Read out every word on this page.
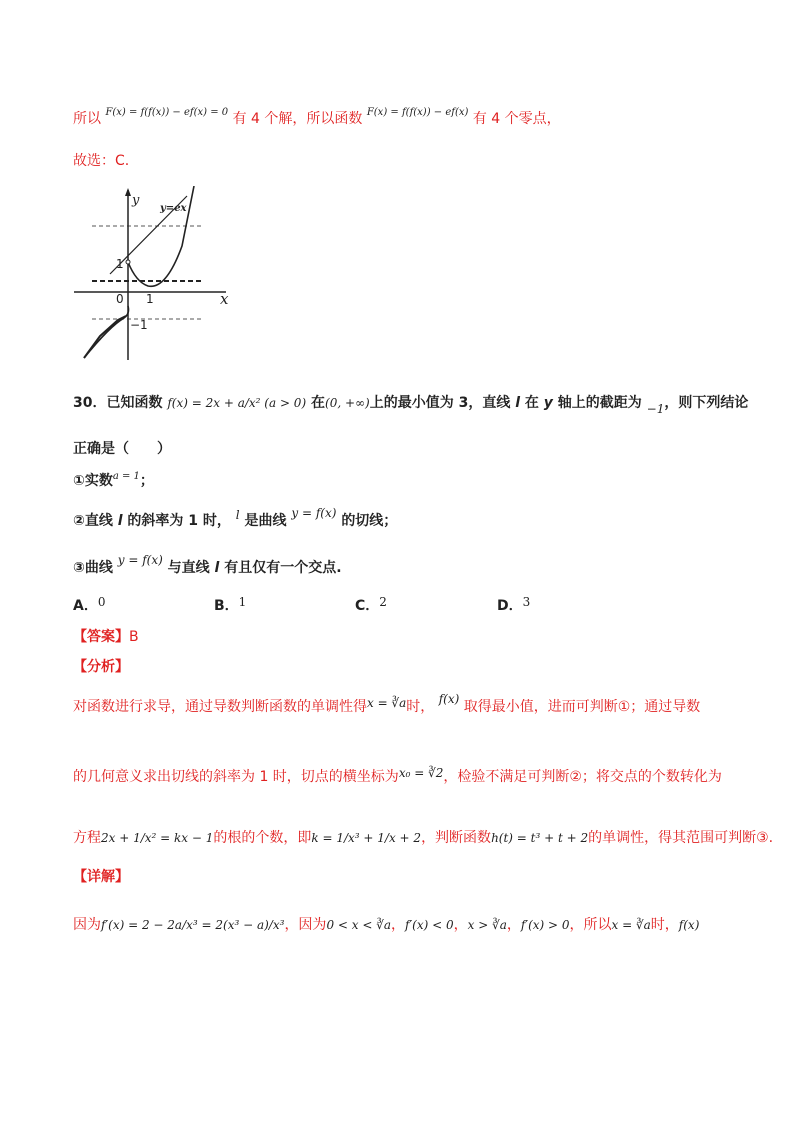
所以 $^{F(x) = f(f(x)) - ef(x) = 0}$ 有 4 个解，所以函数 $^{F(x) = f(f(x)) - ef(x)}$ 有 4 个零点，
故选：C.
y
x
y=ex
1
0 1
−1
30．已知函数 f(x) = 2x + a/x² (a > 0) 在(0, +∞)上的最小值为 3，直线 l 在 y 轴上的截距为 −1，则下列结论
正确是（　　）
①实数$^{a = 1}$；
②直线 l 的斜率为 1 时， l 是曲线 y = f(x) 的切线；
③曲线 y = f(x) 与直线 l 有且仅有一个交点.
A．0	B．1	C．2	D．3
【答案】B
【分析】
对函数进行求导，通过导数判断函数的单调性得x = ∛a时， f(x) 取得最小值，进而可判断①；通过导数
的几何意义求出切线的斜率为 1 时，切点的横坐标为x₀ = ∛2，检验不满足可判断②；将交点的个数转化为
方程2x + 1/x² = kx − 1的根的个数，即k = 1/x³ + 1/x + 2，判断函数h(t) = t³ + t + 2的单调性，得其范围可判断③.
【详解】
因为f′(x) = 2 − 2a/x³ = 2(x³ − a)/x³，因为0 < x < ∛a，f′(x) < 0，x > ∛a，f′(x) > 0，所以x = ∛a时，f(x)
